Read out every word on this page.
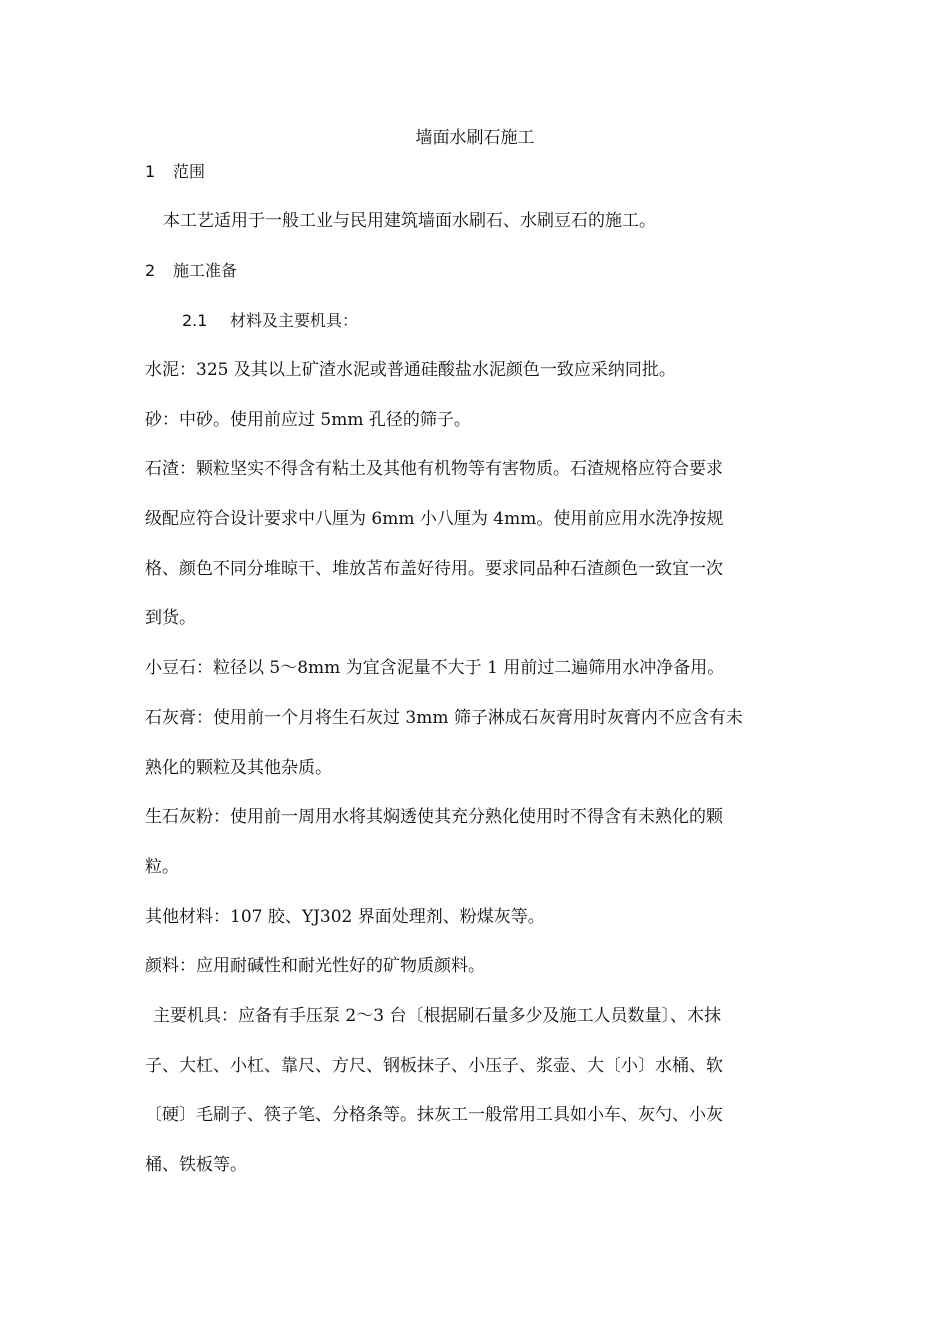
墙面水刷石施工
1 范围
本工艺适用于一般工业与民用建筑墙面水刷石、水刷豆石的施工。
2 施工准备
2.1 材料及主要机具：
水泥：325 及其以上矿渣水泥或普通硅酸盐水泥颜色一致应采纳同批。
砂：中砂。使用前应过 5mm 孔径的筛子。
石渣：颗粒坚实不得含有粘土及其他有机物等有害物质。石渣规格应符合要求
级配应符合设计要求中八厘为 6mm 小八厘为 4mm。使用前应用水洗净按规
格、颜色不同分堆晾干、堆放苫布盖好待用。要求同品种石渣颜色一致宜一次
到货。
小豆石：粒径以 5～8mm 为宜含泥量不大于 1 用前过二遍筛用水冲净备用。
石灰膏：使用前一个月将生石灰过 3mm 筛子淋成石灰膏用时灰膏内不应含有未
熟化的颗粒及其他杂质。
生石灰粉：使用前一周用水将其焖透使其充分熟化使用时不得含有未熟化的颗
粒。
其他材料：107 胶、YJ302 界面处理剂、粉煤灰等。
颜料：应用耐碱性和耐光性好的矿物质颜料。
主要机具：应备有手压泵 2～3 台〔根据刷石量多少及施工人员数量〕、木抹
子、大杠、小杠、靠尺、方尺、钢板抹子、小压子、浆壶、大〔小〕水桶、软
〔硬〕毛刷子、筷子笔、分格条等。抹灰工一般常用工具如小车、灰勺、小灰
桶、铁板等。
